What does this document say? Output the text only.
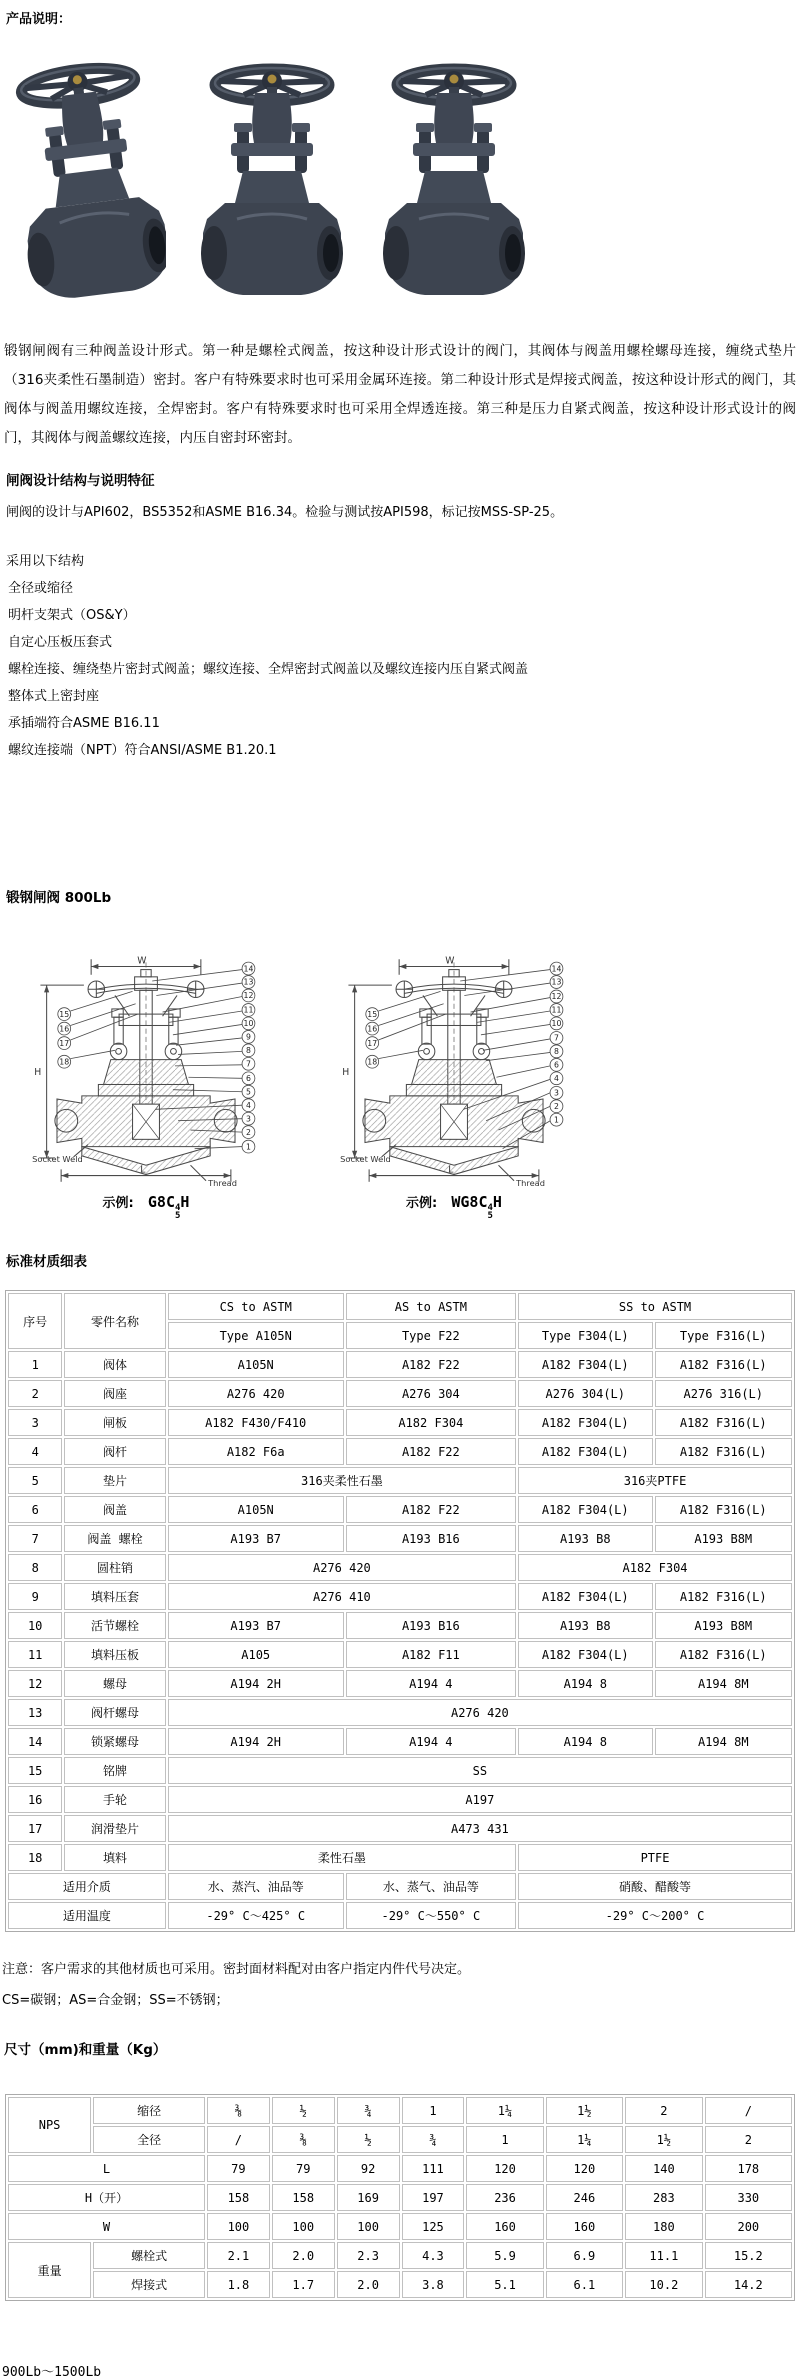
产品说明：

锻钢闸阀有三种阀盖设计形式。第一种是螺栓式阀盖，按这种设计形式设计的阀门，其阀体与阀盖用螺栓螺母连接，缠绕式垫片（316夹柔性石墨制造）密封。客户有特殊要求时也可采用金属环连接。第二种设计形式是焊接式阀盖，按这种设计形式的阀门，其阀体与阀盖用螺纹连接，全焊密封。客户有特殊要求时也可采用全焊透连接。第三种是压力自紧式阀盖，按这种设计形式设计的阀门，其阀体与阀盖螺纹连接，内压自密封环密封。

闸阀设计结构与说明特征

闸阀的设计与API602，BS5352和ASME B16.34。检验与测试按API598，标记按MSS-SP-25。

采用以下结构

全径或缩径

明杆支架式（OS&Y）

自定心压板压套式

螺栓连接、缠绕垫片密封式阀盖；螺纹连接、全焊密封式阀盖以及螺纹连接内压自紧式阀盖

整体式上密封座

承插端符合ASME B16.11

螺纹连接端（NPT）符合ANSI/ASME B1.20.1

锻钢闸阀 800Lb
14
13
12
11
10
9
8
7
6
5
4
3
2
1
15
16
17
18
示例: G8C 4
5
H
14
13
12
11
10
7
8
6
4
3
2
1
15
16
17
18
示例: WG8C 4
5
H
标准材质细表
序号	零件名称	CS to ASTM	AS to ASTM	SS to ASTM	
		Type A105N	Type F22	Type F304(L)	Type F316(L)
1	阀体	A105N	A182 F22	A182 F304(L)	A182 F316(L)
2	阀座	A276 420	A276 304	A276 304(L)	A276 316(L)
3	闸板	A182 F430/F410	A182 F304	A182 F304(L)	A182 F316(L)
4	阀杆	A182 F6a	A182 F22	A182 F304(L)	A182 F316(L)
5	垫片	316夹柔性石墨		316夹PTFE	
6	阀盖	A105N	A182 F22	A182 F304(L)	A182 F316(L)
7	阀盖 螺栓	A193 B7	A193 B16	A193 B8	A193 B8M
8	圆柱销	A276 420		A182 F304	
9	填料压套	A276 410		A182 F304(L)	A182 F316(L)
10	活节螺栓	A193 B7	A193 B16	A193 B8	A193 B8M
11	填料压板	A105	A182 F11	A182 F304(L)	A182 F316(L)
12	螺母	A194 2H	A194 4	A194 8	A194 8M
13	阀杆螺母	A276 420			
14	锁紧螺母	A194 2H	A194 4	A194 8	A194 8M
15	铭牌	SS			
16	手轮	A197			
17	润滑垫片	A473 431			
18	填料	柔性石墨		PTFE	
适用介质		水、蒸汽、油品等	水、蒸气、油品等	硝酸、醋酸等	
适用温度		-29° C～425° C	-29° C～550° C	-29° C～200° C	

注意：客户需求的其他材质也可采用。密封面材料配对由客户指定内件代号决定。

CS=碳钢；AS=合金钢；SS=不锈钢；

尺寸（mm)和重量（Kg）
NPS	缩径	⅜	½	¾	1	1¼	1½	2	/
	全径	/	⅜	½	¾	1	1¼	1½	2
L		79	79	92	111	120	120	140	178
H（开）		158	158	169	197	236	246	283	330
W		100	100	100	125	160	160	180	200
重量	螺栓式	2.1	2.0	2.3	4.3	5.9	6.9	11.1	15.2
	焊接式	1.8	1.7	2.0	3.8	5.1	6.1	10.2	14.2
900Lb～1500Lb
